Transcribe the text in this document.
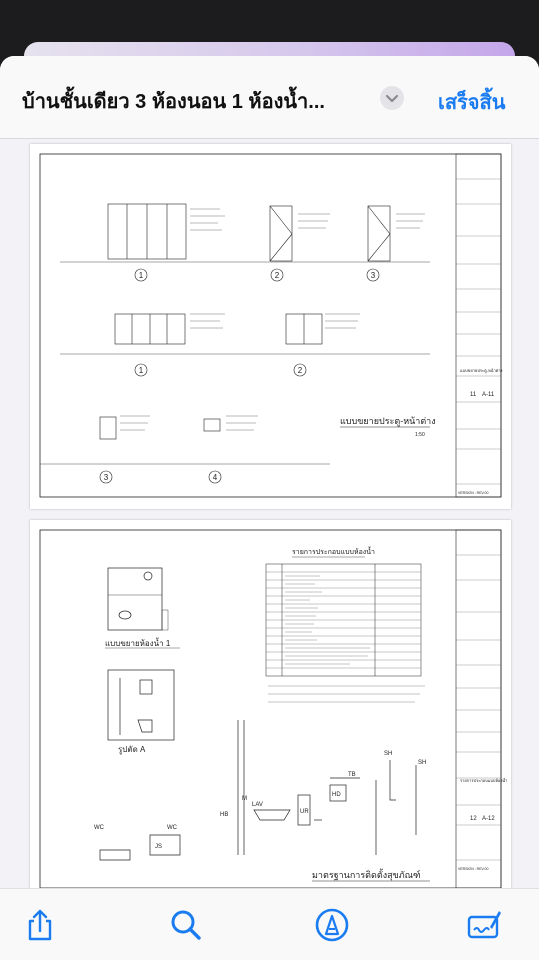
บ้านชั้นเดียว 3 ห้องนอน 1 ห้องน้ำ...	เสร็จสิ้น
1	2	3
1	2
3	4
แบบขยายประตู-หน้าต่าง
1:50
แบบขยายประตู-หน้าต่าง
11 A-11
VERSION : REV.00
แบบขยายห้องน้ำ 1
รูปตัด A
รายการประกอบแบบห้องน้ำ
SH
SH
TB
HD
LAV
HB
M
UR
WC	WC
JS
มาตรฐานการติดตั้งสุขภัณฑ์
รายการประกอบแบบห้องน้ำ
12 A-12
VERSION : REV.00
